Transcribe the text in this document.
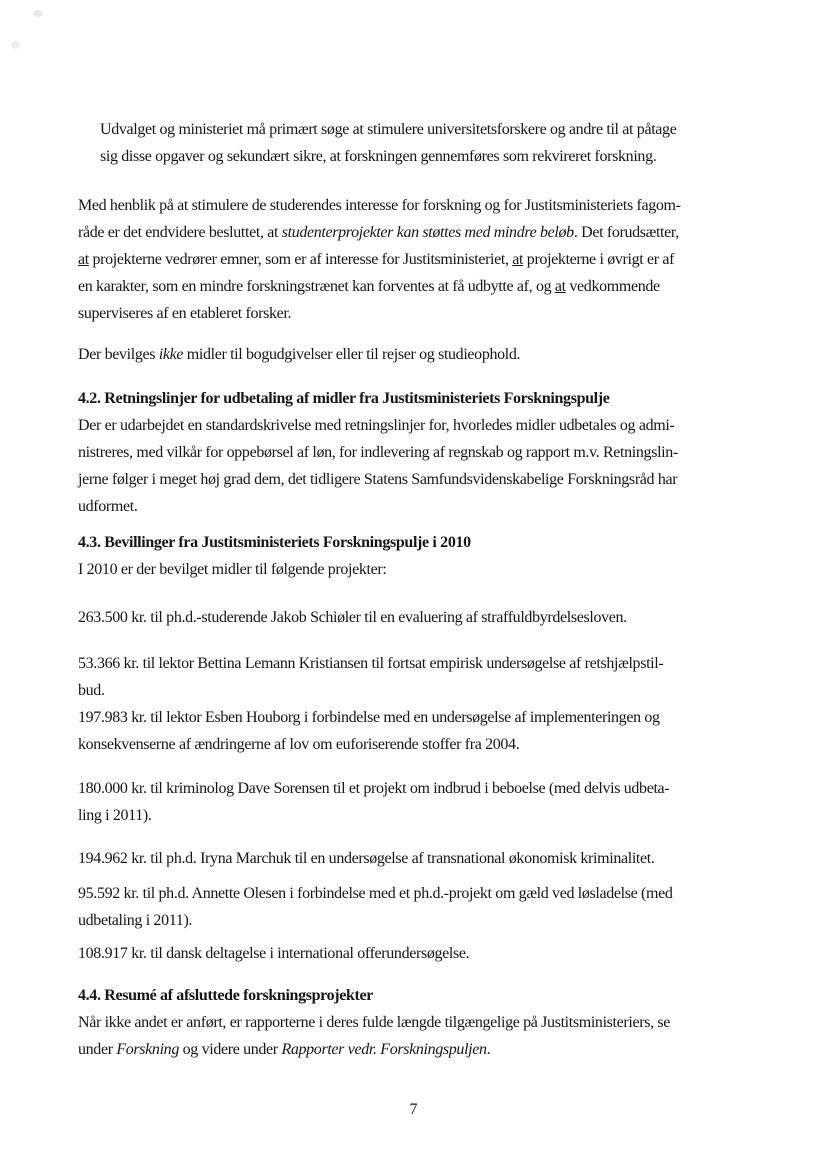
Udvalget og ministeriet må primært søge at stimulere universitetsforskere og andre til at påtage
sig disse opgaver og sekundært sikre, at forskningen gennemføres som rekvireret forskning.
Med henblik på at stimulere de studerendes interesse for forskning og for Justitsministeriets fagom-
råde er det endvidere besluttet, at studenterprojekter kan støttes med mindre beløb. Det forudsætter,
at projekterne vedrører emner, som er af interesse for Justitsministeriet, at projekterne i øvrigt er af
en karakter, som en mindre forskningstrænet kan forventes at få udbytte af, og at vedkommende
superviseres af en etableret forsker.
Der bevilges ikke midler til bogudgivelser eller til rejser og studieophold.
4.2. Retningslinjer for udbetaling af midler fra Justitsministeriets Forskningspulje
Der er udarbejdet en standardskrivelse med retningslinjer for, hvorledes midler udbetales og admi-
nistreres, med vilkår for oppebørsel af løn, for indlevering af regnskab og rapport m.v. Retningslin-
jerne følger i meget høj grad dem, det tidligere Statens Samfundsvidenskabelige Forskningsråd har
udformet.
4.3. Bevillinger fra Justitsministeriets Forskningspulje i 2010
I 2010 er der bevilget midler til følgende projekter:
263.500 kr. til ph.d.-studerende Jakob Schiøler til en evaluering af straffuldbyrdelsesloven.
53.366 kr. til lektor Bettina Lemann Kristiansen til fortsat empirisk undersøgelse af retshjælpstil-
bud.
197.983 kr. til lektor Esben Houborg i forbindelse med en undersøgelse af implementeringen og
konsekvenserne af ændringerne af lov om euforiserende stoffer fra 2004.
180.000 kr. til kriminolog Dave Sorensen til et projekt om indbrud i beboelse (med delvis udbeta-
ling i 2011).
194.962 kr. til ph.d. Iryna Marchuk til en undersøgelse af transnational økonomisk kriminalitet.
95.592 kr. til ph.d. Annette Olesen i forbindelse med et ph.d.-projekt om gæld ved løsladelse (med
udbetaling i 2011).
108.917 kr. til dansk deltagelse i international offerundersøgelse.
4.4. Resumé af afsluttede forskningsprojekter
Når ikke andet er anført, er rapporterne i deres fulde længde tilgængelige på Justitsministeriers, se
under Forskning og videre under Rapporter vedr. Forskningspuljen.
7
